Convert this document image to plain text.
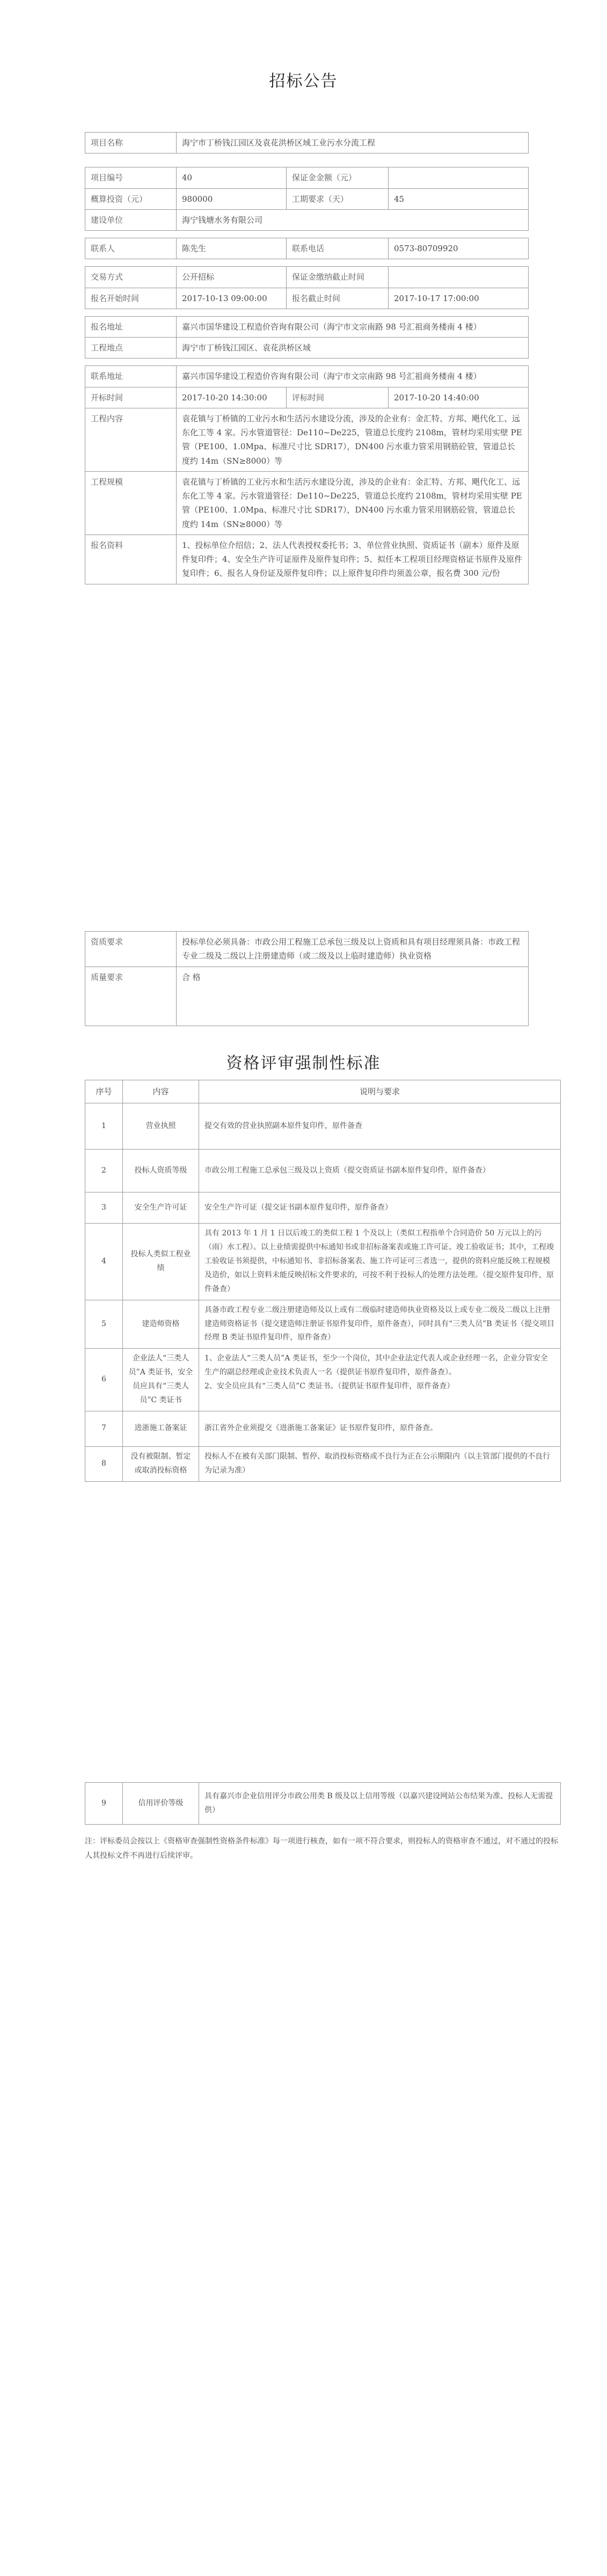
招标公告
项目名称	海宁市丁桥钱江园区及袁花洪桥区域工业污水分流工程		

项目编号	40	保证金金额（元）	
概算投资（元）	980000	工期要求（天）	45
建设单位	海宁钱塘水务有限公司		

联系人	陈先生	联系电话	0573-80709920

交易方式	公开招标	保证金缴纳截止时间	
报名开始时间	2017-10-13 09:00:00	报名截止时间	2017-10-17 17:00:00

报名地址	嘉兴市国华建设工程造价咨询有限公司（海宁市文宗南路 98 号汇祖商务楼南 4 楼）		
工程地点	海宁市丁桥钱江园区、袁花洪桥区域		

联系地址	嘉兴市国华建设工程造价咨询有限公司（海宁市文宗南路 98 号汇祖商务楼南 4 楼）		
开标时间	2017-10-20 14:30:00	评标时间	2017-10-20 14:40:00
工程内容	袁花镇与丁桥镇的工业污水和生活污水建设分流，涉及的企业有：金汇特、方邦、飓代化工、远东化工等 4 家。污水管道管径：De110~De225，管道总长度约 2108m，管材均采用实壁 PE 管（PE100、1.0Mpa、标准尺寸比 SDR17），DN400 污水重力管采用钢筋砼管，管道总长度约 14m（SN≥8000）等		
工程规模	袁花镇与丁桥镇的工业污水和生活污水建设分流，涉及的企业有：金汇特、方邦、飓代化工、远东化工等 4 家。污水管道管径：De110~De225，管道总长度约 2108m，管材均采用实壁 PE 管（PE100、1.0Mpa、标准尺寸比 SDR17），DN400 污水重力管采用钢筋砼管，管道总长度约 14m（SN≥8000）等		
报名资料	1、投标单位介绍信；2、法人代表授权委托书；3、单位营业执照、资质证书（副本）原件及原件复印件；4、安全生产许可证原件及原件复印件；5、拟任本工程项目经理资格证书原件及原件复印件；6、报名人身份证及原件复印件；以上原件复印件均须盖公章，报名费 300 元/份		
资质要求	投标单位必须具备：市政公用工程施工总承包三级及以上资质和具有项目经理须具备：市政工程专业二级及二级以上注册建造师（或二级及以上临时建造师）执业资格
质量要求	合 格
资格评审强制性标准
序号	内容	说明与要求
1	营业执照	提交有效的营业执照副本原件复印件，原件备查
2	投标人资质等级	市政公用工程施工总承包三级及以上资质（提交资质证书副本原件复印件，原件备查）
3	安全生产许可证	安全生产许可证（提交证书副本原件复印件，原件备查）
4	投标人类似工程业绩	具有 2013 年 1 月 1 日以后竣工的类似工程 1 个及以上（类似工程指单个合同造价 50 万元以上的污（雨）水工程）。以上业绩需提供中标通知书或非招标备案表或施工许可证、竣工验收证书；其中，工程竣工验收证书须提供，中标通知书、非招标备案表、施工许可证可三者选一，提供的资料应能反映工程规模及造价，如以上资料未能反映招标文件要求的，可按不利于投标人的处理方法处理。（提交原件复印件，原件备查）
5	建造师资格	具备市政工程专业二级注册建造师及以上或有二级临时建造师执业资格及以上或专业二级及二级以上注册建造师资格证书（提交建造师注册证书原件复印件，原件备查），同时具有“三类人员”B 类证书（提交项目经理 B 类证书原件复印件，原件备查）
6	企业法人“三类人员”A 类证书，安全员应具有“三类人员”C 类证书	1、企业法人“三类人员”A 类证书，至少一个岗位，其中企业法定代表人或企业经理一名，企业分管安全生产的副总经理或企业技术负责人一名（提供证书原件复印件，原件备查）。
2、安全员应具有“三类人员”C 类证书。（提供证书原件复印件，原件备查）
7	进浙施工备案证	浙江省外企业须提交《进浙施工备案证》证书原件复印件，原件备查。
8	没有被限制、暂定或取消投标资格	投标人不在被有关部门限制、暂停、取消投标资格或不良行为正在公示期限内（以主管部门提供的不良行为记录为准）
9	信用评价等级	具有嘉兴市企业信用评分市政公用类 B 级及以上信用等级（以嘉兴建设网站公布结果为准、投标人无需提供）
注：评标委员会按以上《资格审查强制性资格条件标准》每一项进行核查，如有一项不符合要求，则投标人的资格审查不通过，对不通过的投标人其投标文件不再进行后续评审。
